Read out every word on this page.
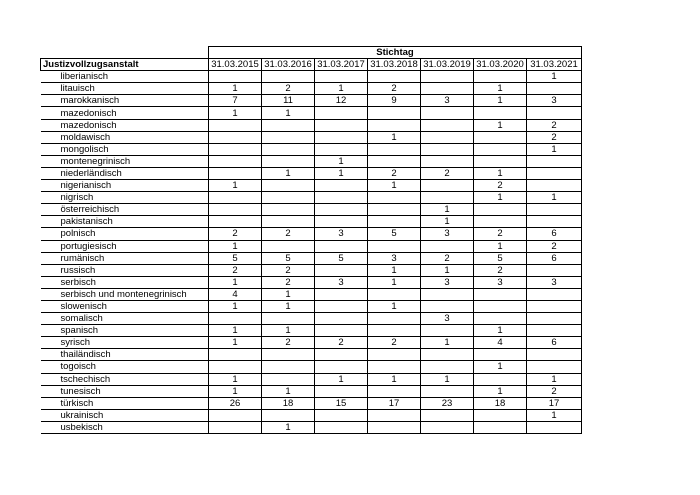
	Stichtag						
Justizvollzugsanstalt	31.03.2015	31.03.2016	31.03.2017	31.03.2018	31.03.2019	31.03.2020	31.03.2021
liberianisch							1
litauisch	1	2	1	2		1	
marokkanisch	7	11	12	9	3	1	3
mazedonisch	1	1					
mazedonisch						1	2
moldawisch				1			2
mongolisch							1
montenegrinisch			1				
niederländisch		1	1	2	2	1	
nigerianisch	1			1		2	
nigrisch						1	1
österreichisch					1		
pakistanisch					1		
polnisch	2	2	3	5	3	2	6
portugiesisch	1					1	2
rumänisch	5	5	5	3	2	5	6
russisch	2	2		1	1	2	
serbisch	1	2	3	1	3	3	3
serbisch und montenegrinisch	4	1					
slowenisch	1	1		1			
somalisch					3		
spanisch	1	1				1	
syrisch	1	2	2	2	1	4	6
thailändisch							
togoisch						1	
tschechisch	1		1	1	1		1
tunesisch	1	1				1	2
türkisch	26	18	15	17	23	18	17
ukrainisch							1
usbekisch		1					
